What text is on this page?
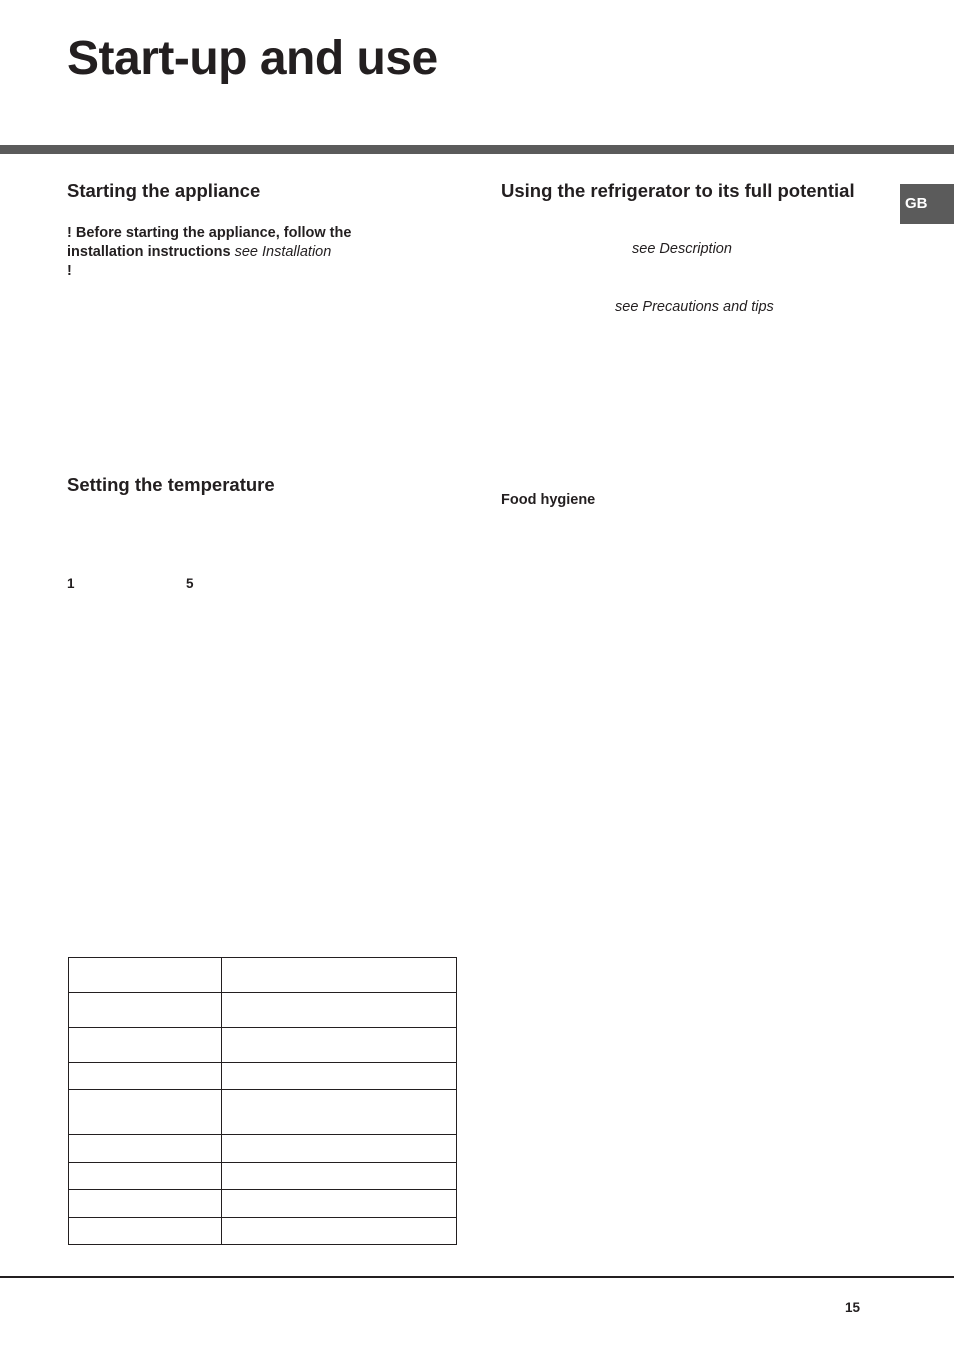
Start-up and use
GB
Starting the appliance
! Before starting the appliance, follow the
installation instructions see Installation
!
Setting the temperature
1	5

Using the refrigerator to its full potential
see Description
see Precautions and tips
Food hygiene
15
